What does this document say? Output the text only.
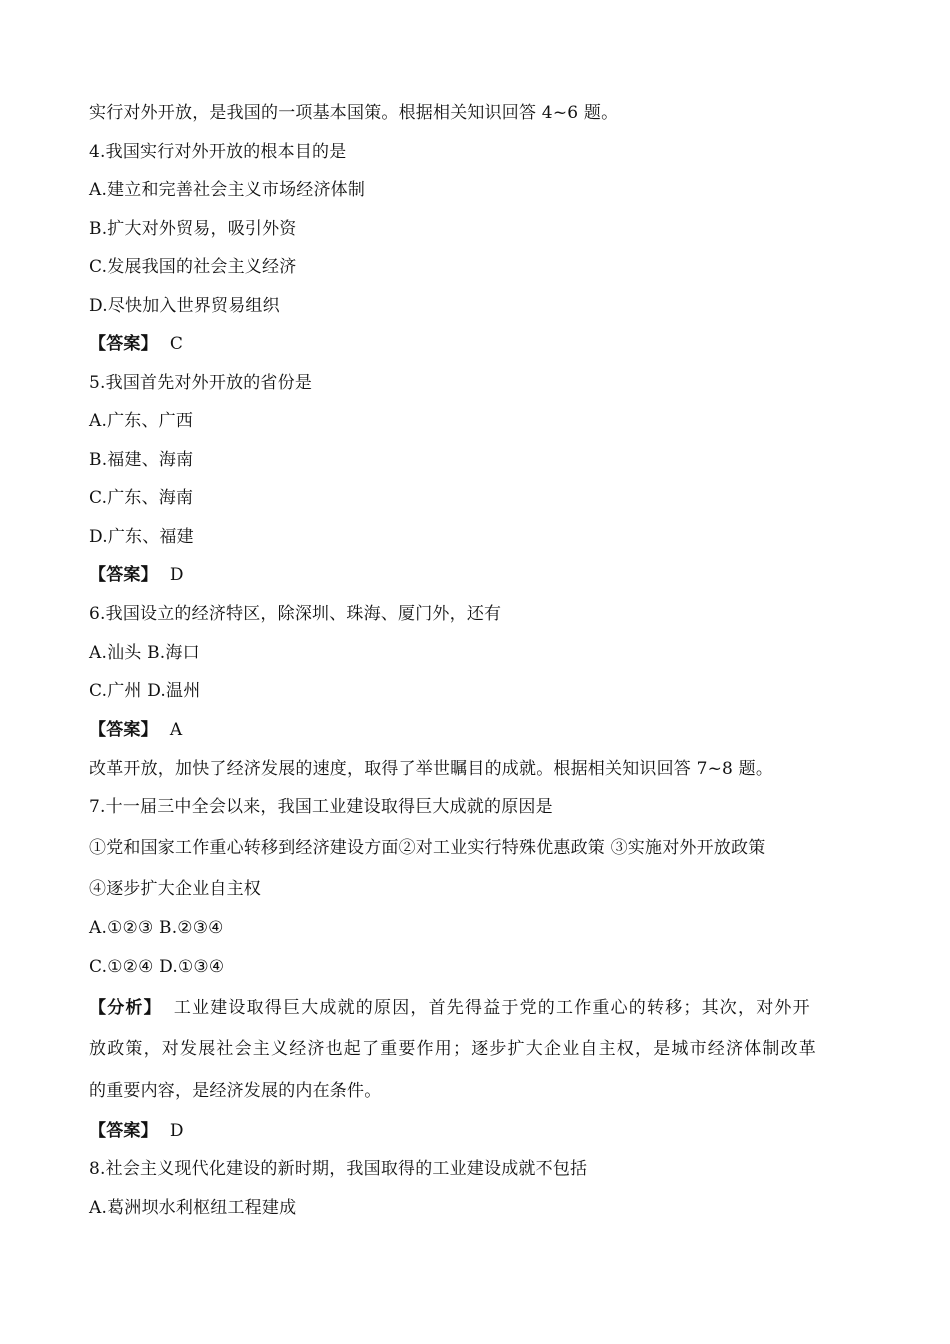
实行对外开放，是我国的一项基本国策。根据相关知识回答 4~6 题。
4.我国实行对外开放的根本目的是
A.建立和完善社会主义市场经济体制
B.扩大对外贸易，吸引外资
C.发展我国的社会主义经济
D.尽快加入世界贸易组织
【答案】 C
5.我国首先对外开放的省份是
A.广东、广西
B.福建、海南
C.广东、海南
D.广东、福建
【答案】 D
6.我国设立的经济特区，除深圳、珠海、厦门外，还有
A.汕头 B.海口
C.广州 D.温州
【答案】 A
改革开放，加快了经济发展的速度，取得了举世瞩目的成就。根据相关知识回答 7~8 题。
7.十一届三中全会以来，我国工业建设取得巨大成就的原因是
①党和国家工作重心转移到经济建设方面②对工业实行特殊优惠政策 ③实施对外开放政策
④逐步扩大企业自主权
A.①②③ B.②③④
C.①②④ D.①③④
【分析】 工业建设取得巨大成就的原因，首先得益于党的工作重心的转移；其次，对外开
放政策，对发展社会主义经济也起了重要作用；逐步扩大企业自主权，是城市经济体制改革
的重要内容，是经济发展的内在条件。
【答案】 D
8.社会主义现代化建设的新时期，我国取得的工业建设成就不包括
A.葛洲坝水利枢纽工程建成
